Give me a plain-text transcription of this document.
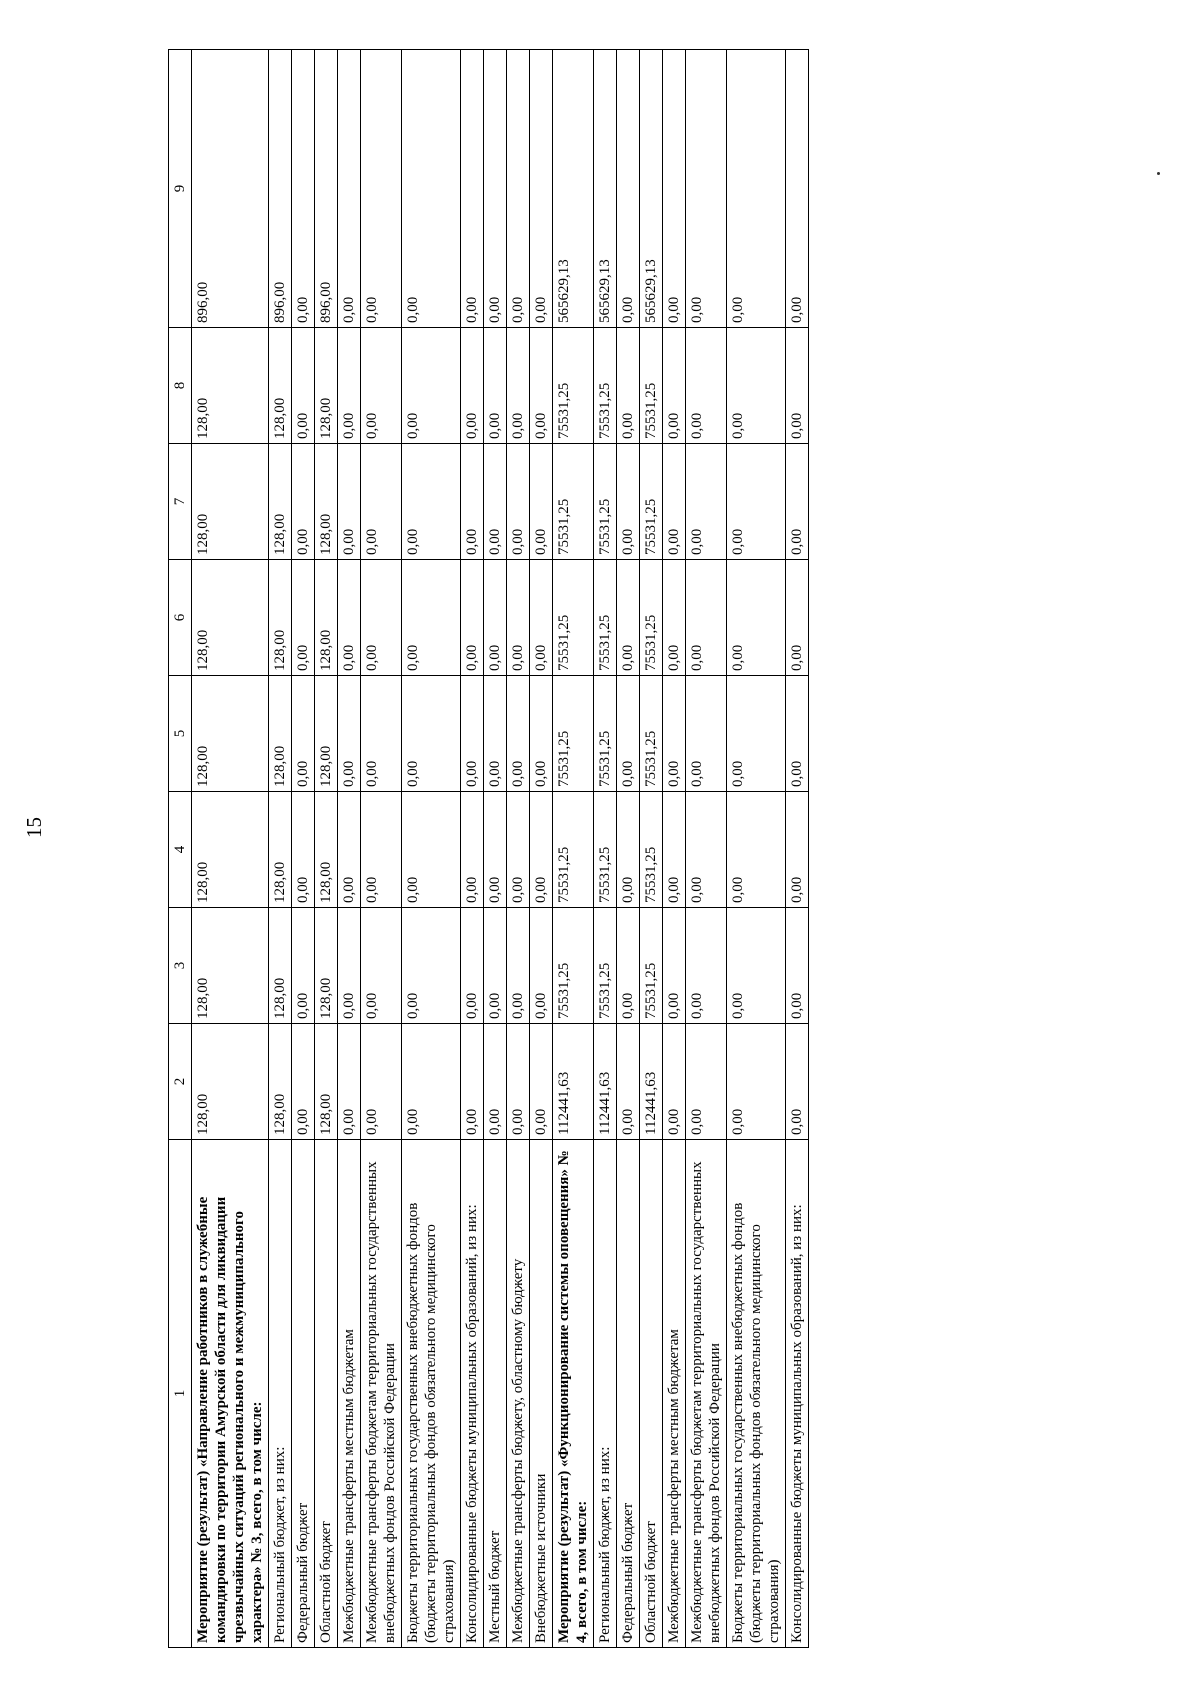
15
1	2	3	4	5	6	7	8	9
Мероприятие (результат) «Направление работников в служебные командировки по территории Амурской области для ликвидации чрезвычайных ситуаций регионального и межмуниципального характера» № 3, всего, в том числе:	128,00	128,00	128,00	128,00	128,00	128,00	128,00	896,00
Региональный бюджет, из них:	128,00	128,00	128,00	128,00	128,00	128,00	128,00	896,00
Федеральный бюджет	0,00	0,00	0,00	0,00	0,00	0,00	0,00	0,00
Областной бюджет	128,00	128,00	128,00	128,00	128,00	128,00	128,00	896,00
Межбюджетные трансферты местным бюджетам	0,00	0,00	0,00	0,00	0,00	0,00	0,00	0,00
Межбюджетные трансферты бюджетам территориальных государственных внебюджетных фондов Российской Федерации	0,00	0,00	0,00	0,00	0,00	0,00	0,00	0,00
Бюджеты территориальных государственных внебюджетных фондов (бюджеты территориальных фондов обязательного медицинского страхования)	0,00	0,00	0,00	0,00	0,00	0,00	0,00	0,00
Консолидированные бюджеты муниципальных образований, из них:	0,00	0,00	0,00	0,00	0,00	0,00	0,00	0,00
Местный бюджет	0,00	0,00	0,00	0,00	0,00	0,00	0,00	0,00
Межбюджетные трансферты бюджету, областному бюджету	0,00	0,00	0,00	0,00	0,00	0,00	0,00	0,00
Внебюджетные источники	0,00	0,00	0,00	0,00	0,00	0,00	0,00	0,00
Мероприятие (результат) «Функционирование системы оповещения» № 4, всего, в том числе:	112441,63	75531,25	75531,25	75531,25	75531,25	75531,25	75531,25	565629,13
Региональный бюджет, из них:	112441,63	75531,25	75531,25	75531,25	75531,25	75531,25	75531,25	565629,13
Федеральный бюджет	0,00	0,00	0,00	0,00	0,00	0,00	0,00	0,00
Областной бюджет	112441,63	75531,25	75531,25	75531,25	75531,25	75531,25	75531,25	565629,13
Межбюджетные трансферты местным бюджетам	0,00	0,00	0,00	0,00	0,00	0,00	0,00	0,00
Межбюджетные трансферты бюджетам территориальных государственных внебюджетных фондов Российской Федерации	0,00	0,00	0,00	0,00	0,00	0,00	0,00	0,00
Бюджеты территориальных государственных внебюджетных фондов (бюджеты территориальных фондов обязательного медицинского страхования)	0,00	0,00	0,00	0,00	0,00	0,00	0,00	0,00
Консолидированные бюджеты муниципальных образований, из них:	0,00	0,00	0,00	0,00	0,00	0,00	0,00	0,00
